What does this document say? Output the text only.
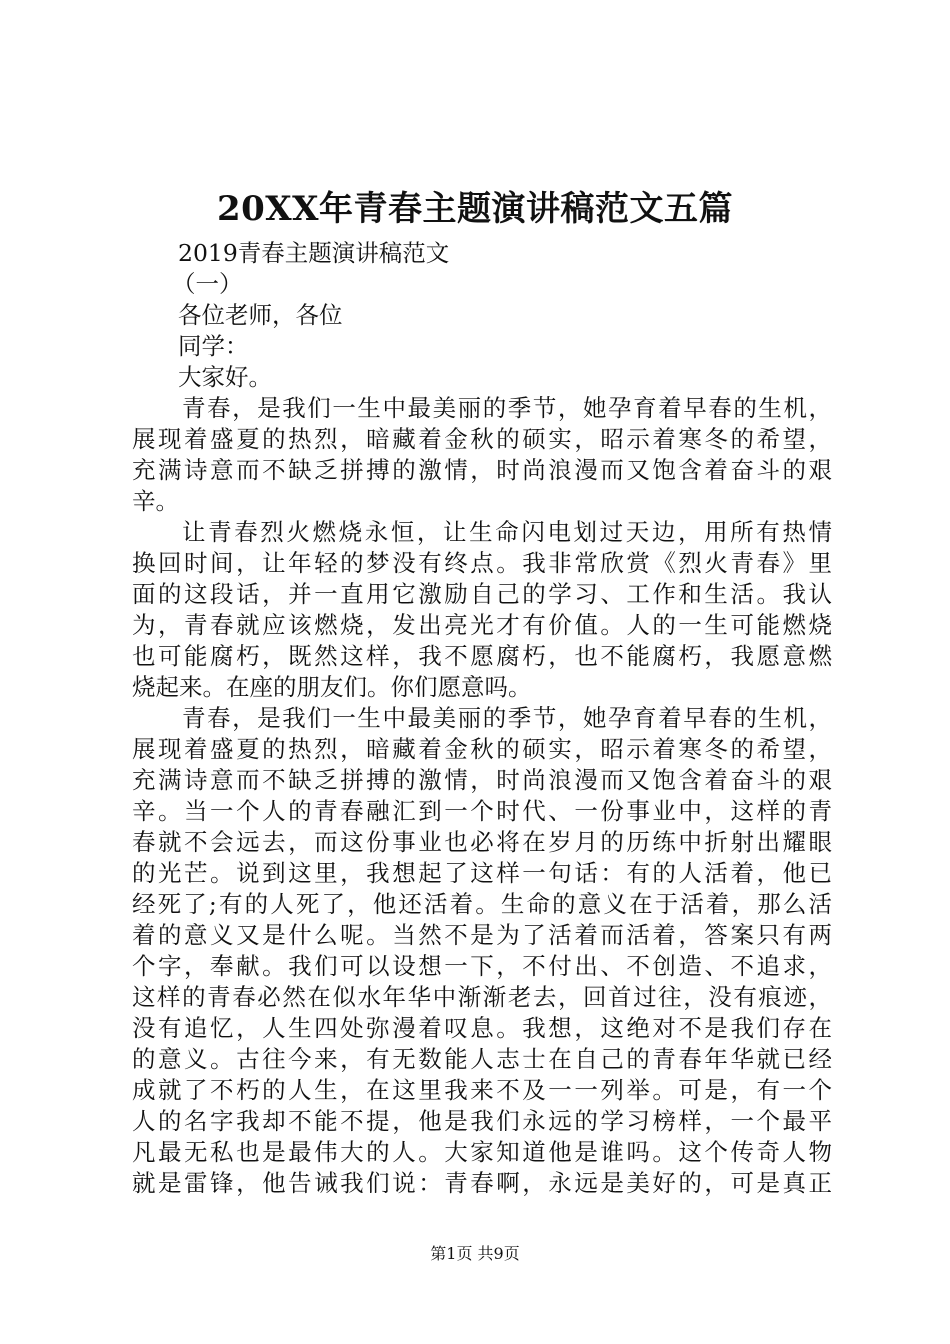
20XX年青春主题演讲稿范文五篇
2019青春主题演讲稿范文
（一）
各位老师，各位
同学：
大家好。
青春，是我们一生中最美丽的季节，她孕育着早春的生机，
展现着盛夏的热烈，暗藏着金秋的硕实，昭示着寒冬的希望，
充满诗意而不缺乏拼搏的激情，时尚浪漫而又饱含着奋斗的艰
辛。
让青春烈火燃烧永恒，让生命闪电划过天边，用所有热情
换回时间，让年轻的梦没有终点。我非常欣赏《烈火青春》里
面的这段话，并一直用它激励自己的学习、工作和生活。我认
为，青春就应该燃烧，发出亮光才有价值。人的一生可能燃烧
也可能腐朽，既然这样，我不愿腐朽，也不能腐朽，我愿意燃
烧起来。在座的朋友们。你们愿意吗。
青春，是我们一生中最美丽的季节，她孕育着早春的生机，
展现着盛夏的热烈，暗藏着金秋的硕实，昭示着寒冬的希望，
充满诗意而不缺乏拼搏的激情，时尚浪漫而又饱含着奋斗的艰
辛。当一个人的青春融汇到一个时代、一份事业中，这样的青
春就不会远去，而这份事业也必将在岁月的历练中折射出耀眼
的光芒。说到这里，我想起了这样一句话：有的人活着，他已
经死了;有的人死了，他还活着。生命的意义在于活着，那么活
着的意义又是什么呢。当然不是为了活着而活着，答案只有两
个字，奉献。我们可以设想一下，不付出、不创造、不追求，
这样的青春必然在似水年华中渐渐老去，回首过往，没有痕迹，
没有追忆，人生四处弥漫着叹息。我想，这绝对不是我们存在
的意义。古往今来，有无数能人志士在自己的青春年华就已经
成就了不朽的人生，在这里我来不及一一列举。可是，有一个
人的名字我却不能不提，他是我们永远的学习榜样，一个最平
凡最无私也是最伟大的人。大家知道他是谁吗。这个传奇人物
就是雷锋，他告诫我们说：青春啊，永远是美好的，可是真正
第1页 共9页
